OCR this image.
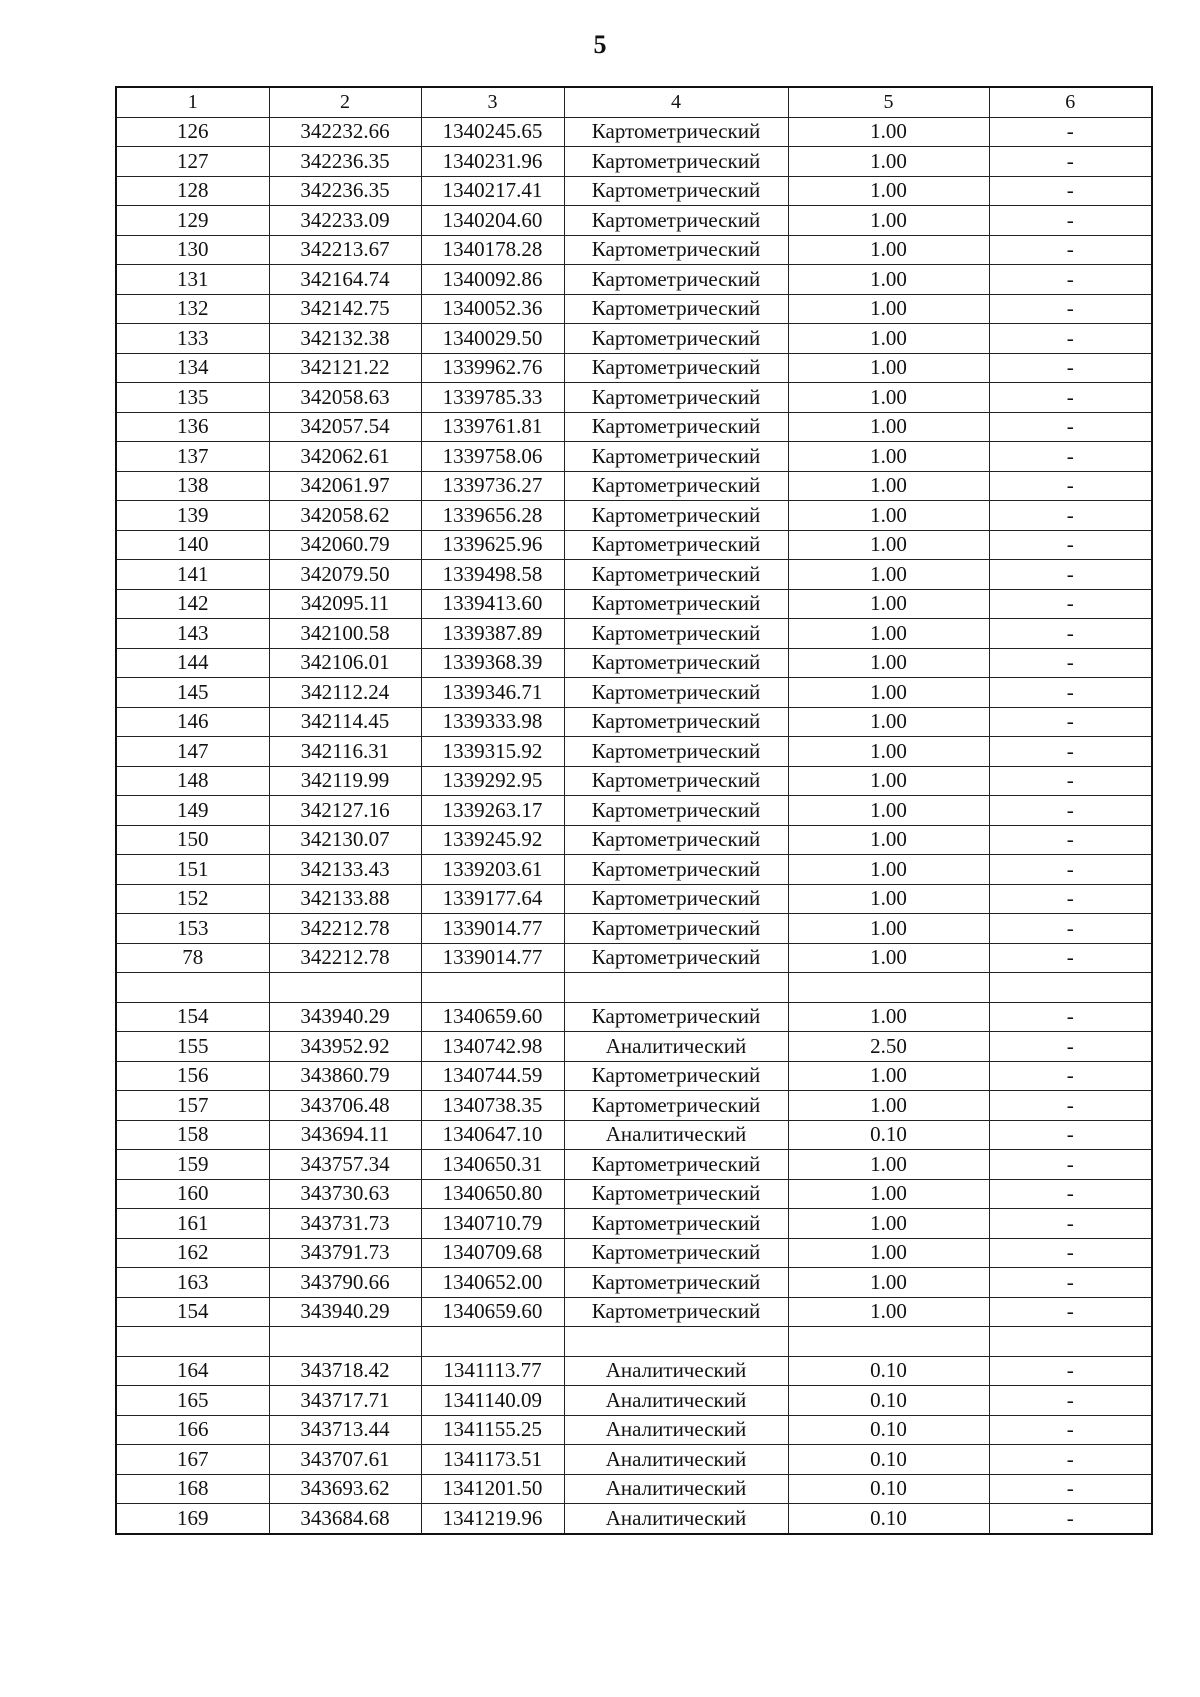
5
1	2	3	4	5	6
126	342232.66	1340245.65	Картометрический	1.00	-
127	342236.35	1340231.96	Картометрический	1.00	-
128	342236.35	1340217.41	Картометрический	1.00	-
129	342233.09	1340204.60	Картометрический	1.00	-
130	342213.67	1340178.28	Картометрический	1.00	-
131	342164.74	1340092.86	Картометрический	1.00	-
132	342142.75	1340052.36	Картометрический	1.00	-
133	342132.38	1340029.50	Картометрический	1.00	-
134	342121.22	1339962.76	Картометрический	1.00	-
135	342058.63	1339785.33	Картометрический	1.00	-
136	342057.54	1339761.81	Картометрический	1.00	-
137	342062.61	1339758.06	Картометрический	1.00	-
138	342061.97	1339736.27	Картометрический	1.00	-
139	342058.62	1339656.28	Картометрический	1.00	-
140	342060.79	1339625.96	Картометрический	1.00	-
141	342079.50	1339498.58	Картометрический	1.00	-
142	342095.11	1339413.60	Картометрический	1.00	-
143	342100.58	1339387.89	Картометрический	1.00	-
144	342106.01	1339368.39	Картометрический	1.00	-
145	342112.24	1339346.71	Картометрический	1.00	-
146	342114.45	1339333.98	Картометрический	1.00	-
147	342116.31	1339315.92	Картометрический	1.00	-
148	342119.99	1339292.95	Картометрический	1.00	-
149	342127.16	1339263.17	Картометрический	1.00	-
150	342130.07	1339245.92	Картометрический	1.00	-
151	342133.43	1339203.61	Картометрический	1.00	-
152	342133.88	1339177.64	Картометрический	1.00	-
153	342212.78	1339014.77	Картометрический	1.00	-
78	342212.78	1339014.77	Картометрический	1.00	-

154	343940.29	1340659.60	Картометрический	1.00	-
155	343952.92	1340742.98	Аналитический	2.50	-
156	343860.79	1340744.59	Картометрический	1.00	-
157	343706.48	1340738.35	Картометрический	1.00	-
158	343694.11	1340647.10	Аналитический	0.10	-
159	343757.34	1340650.31	Картометрический	1.00	-
160	343730.63	1340650.80	Картометрический	1.00	-
161	343731.73	1340710.79	Картометрический	1.00	-
162	343791.73	1340709.68	Картометрический	1.00	-
163	343790.66	1340652.00	Картометрический	1.00	-
154	343940.29	1340659.60	Картометрический	1.00	-

164	343718.42	1341113.77	Аналитический	0.10	-
165	343717.71	1341140.09	Аналитический	0.10	-
166	343713.44	1341155.25	Аналитический	0.10	-
167	343707.61	1341173.51	Аналитический	0.10	-
168	343693.62	1341201.50	Аналитический	0.10	-
169	343684.68	1341219.96	Аналитический	0.10	-
